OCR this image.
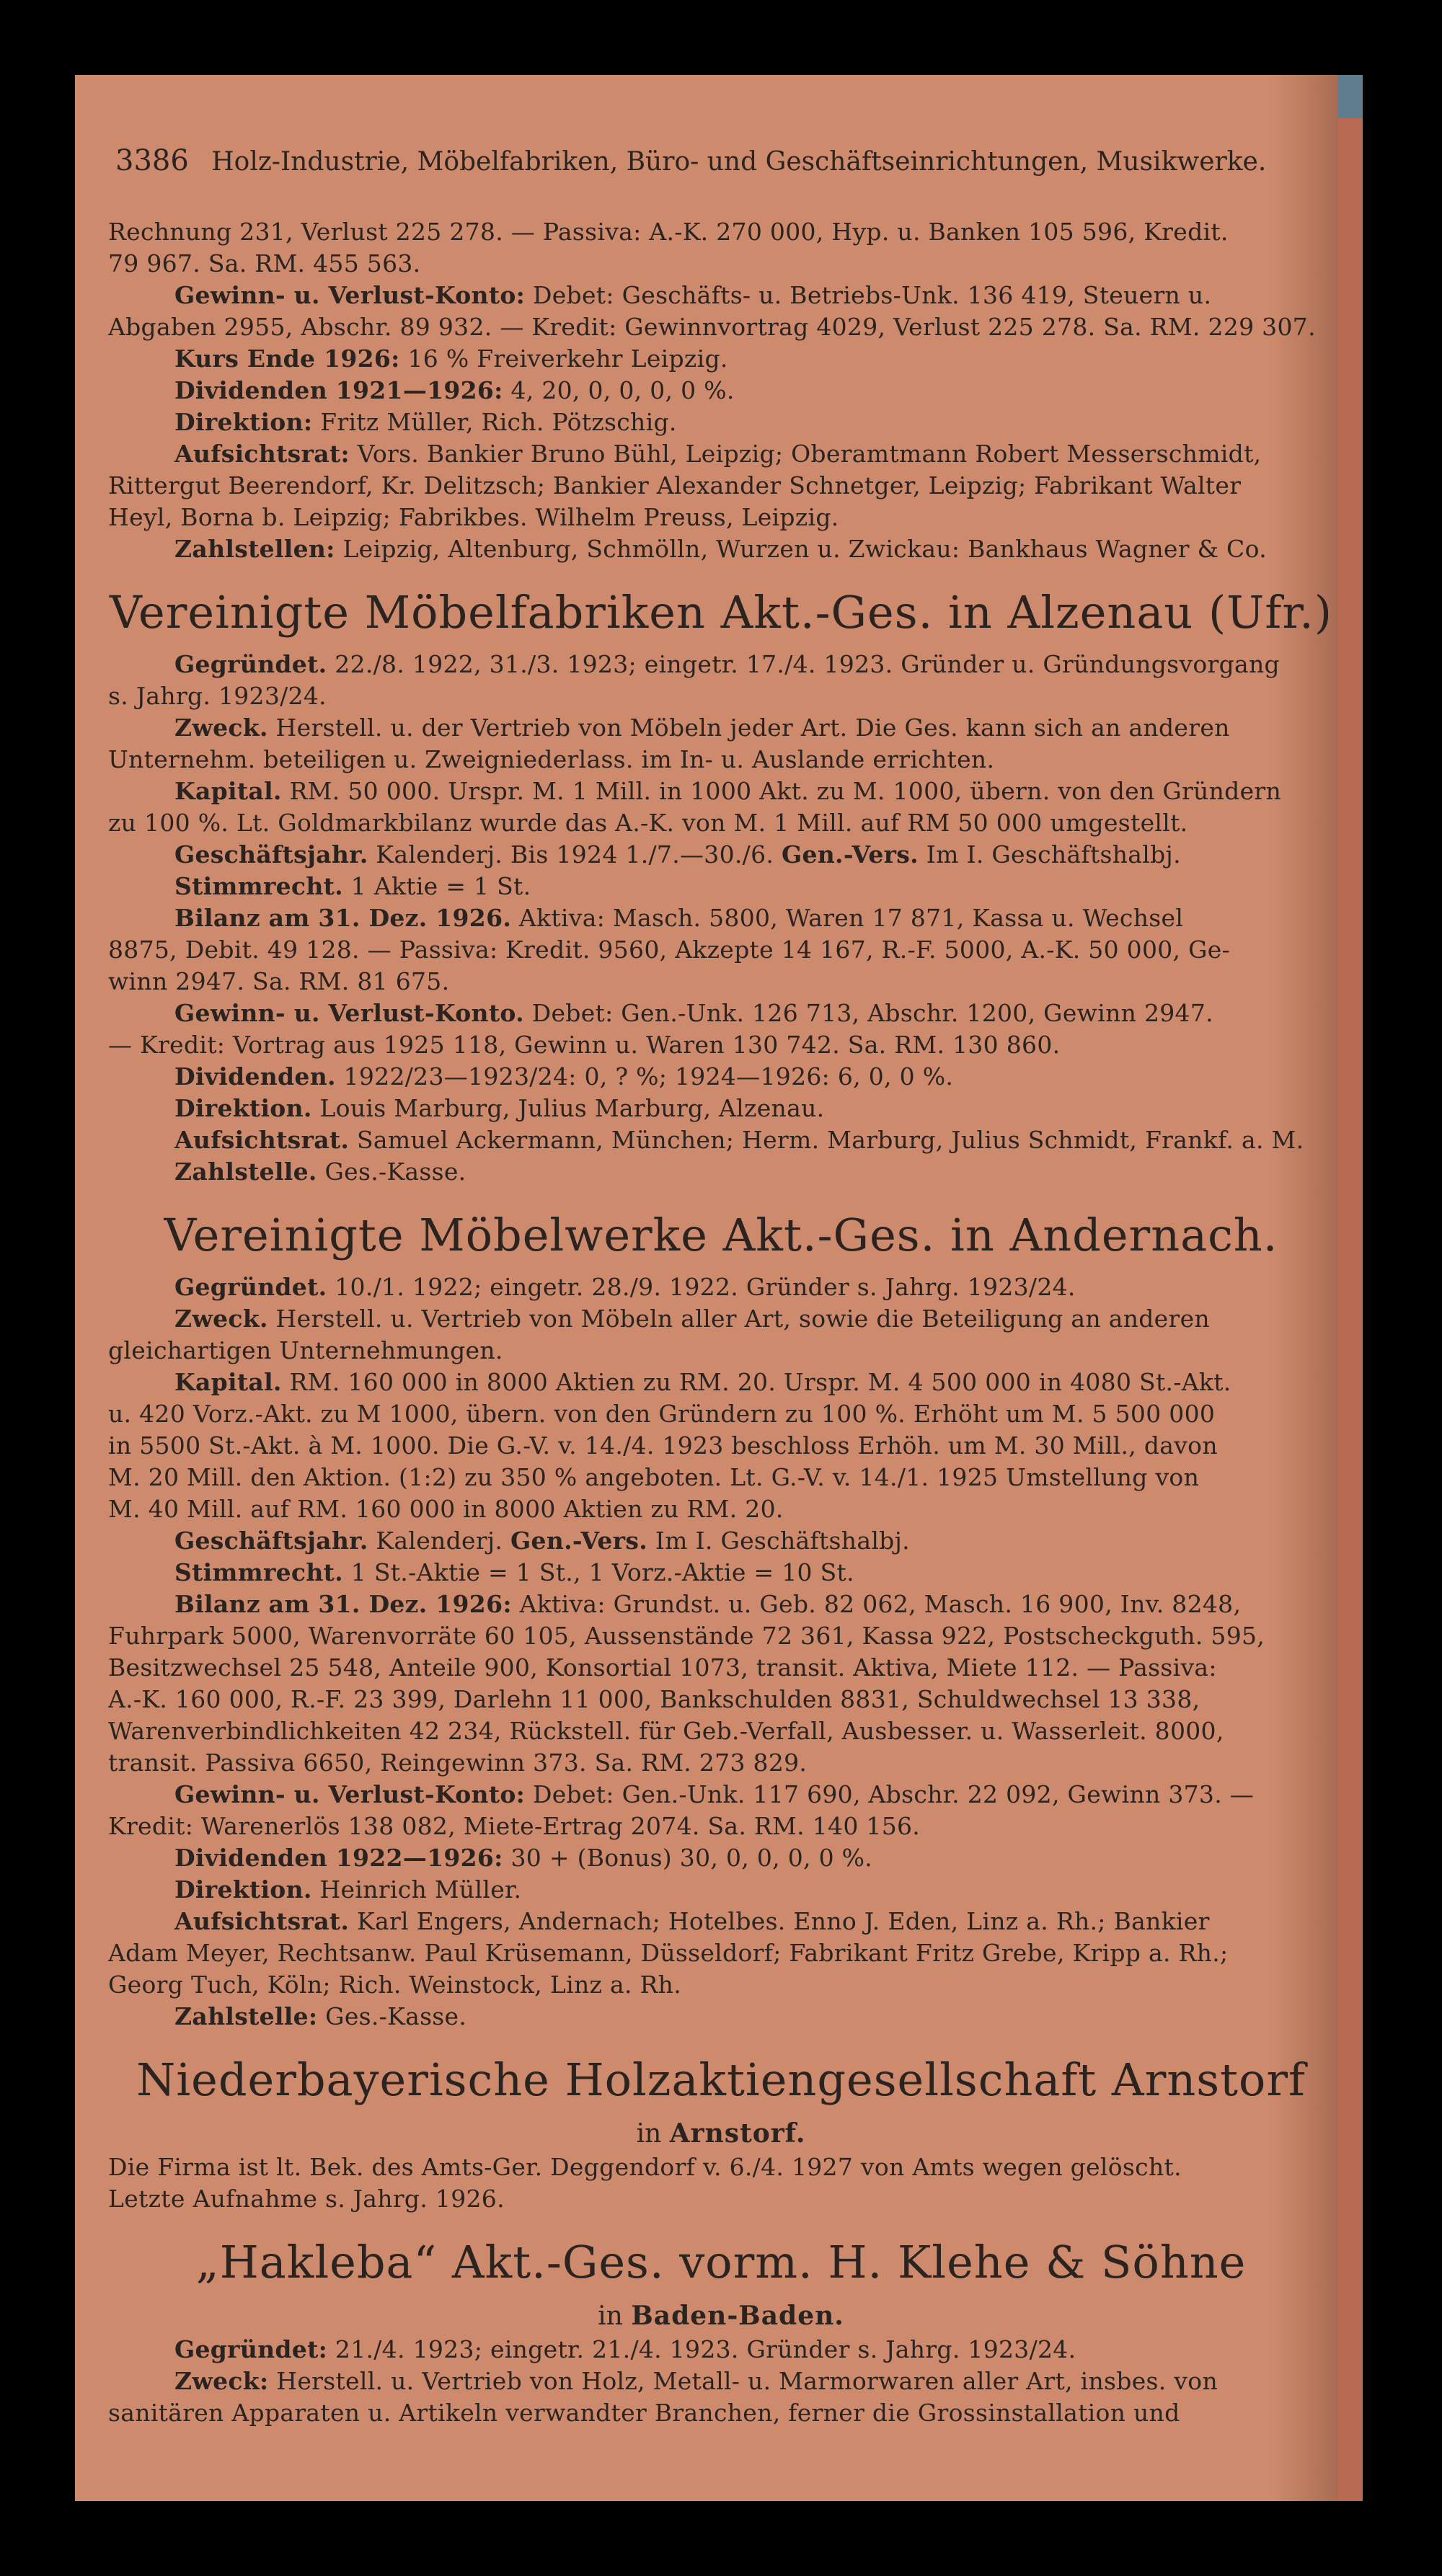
3386 Holz-Industrie, Möbelfabriken, Büro- und Geschäftseinrichtungen, Musikwerke.
Rechnung 231, Verlust 225 278. — Passiva: A.-K. 270 000, Hyp. u. Banken 105 596, Kredit.
79 967. Sa. RM. 455 563.
Gewinn- u. Verlust-Konto: Debet: Geschäfts- u. Betriebs-Unk. 136 419, Steuern u.
Abgaben 2955, Abschr. 89 932. — Kredit: Gewinnvortrag 4029, Verlust 225 278. Sa. RM. 229 307.
Kurs Ende 1926: 16 % Freiverkehr Leipzig.
Dividenden 1921—1926: 4, 20, 0, 0, 0, 0 %.
Direktion: Fritz Müller, Rich. Pötzschig.
Aufsichtsrat: Vors. Bankier Bruno Bühl, Leipzig; Oberamtmann Robert Messerschmidt,
Rittergut Beerendorf, Kr. Delitzsch; Bankier Alexander Schnetger, Leipzig; Fabrikant Walter
Heyl, Borna b. Leipzig; Fabrikbes. Wilhelm Preuss, Leipzig.
Zahlstellen: Leipzig, Altenburg, Schmölln, Wurzen u. Zwickau: Bankhaus Wagner & Co.
Vereinigte Möbelfabriken Akt.-Ges. in Alzenau (Ufr.)
Gegründet. 22./8. 1922, 31./3. 1923; eingetr. 17./4. 1923. Gründer u. Gründungsvorgang
s. Jahrg. 1923/24.
Zweck. Herstell. u. der Vertrieb von Möbeln jeder Art. Die Ges. kann sich an anderen
Unternehm. beteiligen u. Zweigniederlass. im In- u. Auslande errichten.
Kapital. RM. 50 000. Urspr. M. 1 Mill. in 1000 Akt. zu M. 1000, übern. von den Gründern
zu 100 %. Lt. Goldmarkbilanz wurde das A.-K. von M. 1 Mill. auf RM 50 000 umgestellt.
Geschäftsjahr. Kalenderj. Bis 1924 1./7.—30./6. Gen.-Vers. Im I. Geschäftshalbj.
Stimmrecht. 1 Aktie = 1 St.
Bilanz am 31. Dez. 1926. Aktiva: Masch. 5800, Waren 17 871, Kassa u. Wechsel
8875, Debit. 49 128. — Passiva: Kredit. 9560, Akzepte 14 167, R.-F. 5000, A.-K. 50 000, Ge-
winn 2947. Sa. RM. 81 675.
Gewinn- u. Verlust-Konto. Debet: Gen.-Unk. 126 713, Abschr. 1200, Gewinn 2947.
— Kredit: Vortrag aus 1925 118, Gewinn u. Waren 130 742. Sa. RM. 130 860.
Dividenden. 1922/23—1923/24: 0, ? %; 1924—1926: 6, 0, 0 %.
Direktion. Louis Marburg, Julius Marburg, Alzenau.
Aufsichtsrat. Samuel Ackermann, München; Herm. Marburg, Julius Schmidt, Frankf. a. M.
Zahlstelle. Ges.-Kasse.
Vereinigte Möbelwerke Akt.-Ges. in Andernach.
Gegründet. 10./1. 1922; eingetr. 28./9. 1922. Gründer s. Jahrg. 1923/24.
Zweck. Herstell. u. Vertrieb von Möbeln aller Art, sowie die Beteiligung an anderen
gleichartigen Unternehmungen.
Kapital. RM. 160 000 in 8000 Aktien zu RM. 20. Urspr. M. 4 500 000 in 4080 St.-Akt.
u. 420 Vorz.-Akt. zu M 1000, übern. von den Gründern zu 100 %. Erhöht um M. 5 500 000
in 5500 St.-Akt. à M. 1000. Die G.-V. v. 14./4. 1923 beschloss Erhöh. um M. 30 Mill., davon
M. 20 Mill. den Aktion. (1:2) zu 350 % angeboten. Lt. G.-V. v. 14./1. 1925 Umstellung von
M. 40 Mill. auf RM. 160 000 in 8000 Aktien zu RM. 20.
Geschäftsjahr. Kalenderj. Gen.-Vers. Im I. Geschäftshalbj.
Stimmrecht. 1 St.-Aktie = 1 St., 1 Vorz.-Aktie = 10 St.
Bilanz am 31. Dez. 1926: Aktiva: Grundst. u. Geb. 82 062, Masch. 16 900, Inv. 8248,
Fuhrpark 5000, Warenvorräte 60 105, Aussenstände 72 361, Kassa 922, Postscheckguth. 595,
Besitzwechsel 25 548, Anteile 900, Konsortial 1073, transit. Aktiva, Miete 112. — Passiva:
A.-K. 160 000, R.-F. 23 399, Darlehn 11 000, Bankschulden 8831, Schuldwechsel 13 338,
Warenverbindlichkeiten 42 234, Rückstell. für Geb.-Verfall, Ausbesser. u. Wasserleit. 8000,
transit. Passiva 6650, Reingewinn 373. Sa. RM. 273 829.
Gewinn- u. Verlust-Konto: Debet: Gen.-Unk. 117 690, Abschr. 22 092, Gewinn 373. —
Kredit: Warenerlös 138 082, Miete-Ertrag 2074. Sa. RM. 140 156.
Dividenden 1922—1926: 30 + (Bonus) 30, 0, 0, 0, 0 %.
Direktion. Heinrich Müller.
Aufsichtsrat. Karl Engers, Andernach; Hotelbes. Enno J. Eden, Linz a. Rh.; Bankier
Adam Meyer, Rechtsanw. Paul Krüsemann, Düsseldorf; Fabrikant Fritz Grebe, Kripp a. Rh.;
Georg Tuch, Köln; Rich. Weinstock, Linz a. Rh.
Zahlstelle: Ges.-Kasse.
Niederbayerische Holzaktiengesellschaft Arnstorf
in Arnstorf.
Die Firma ist lt. Bek. des Amts-Ger. Deggendorf v. 6./4. 1927 von Amts wegen gelöscht.
Letzte Aufnahme s. Jahrg. 1926.
„Hakleba“ Akt.-Ges. vorm. H. Klehe & Söhne
in Baden-Baden.
Gegründet: 21./4. 1923; eingetr. 21./4. 1923. Gründer s. Jahrg. 1923/24.
Zweck: Herstell. u. Vertrieb von Holz, Metall- u. Marmorwaren aller Art, insbes. von
sanitären Apparaten u. Artikeln verwandter Branchen, ferner die Grossinstallation und
